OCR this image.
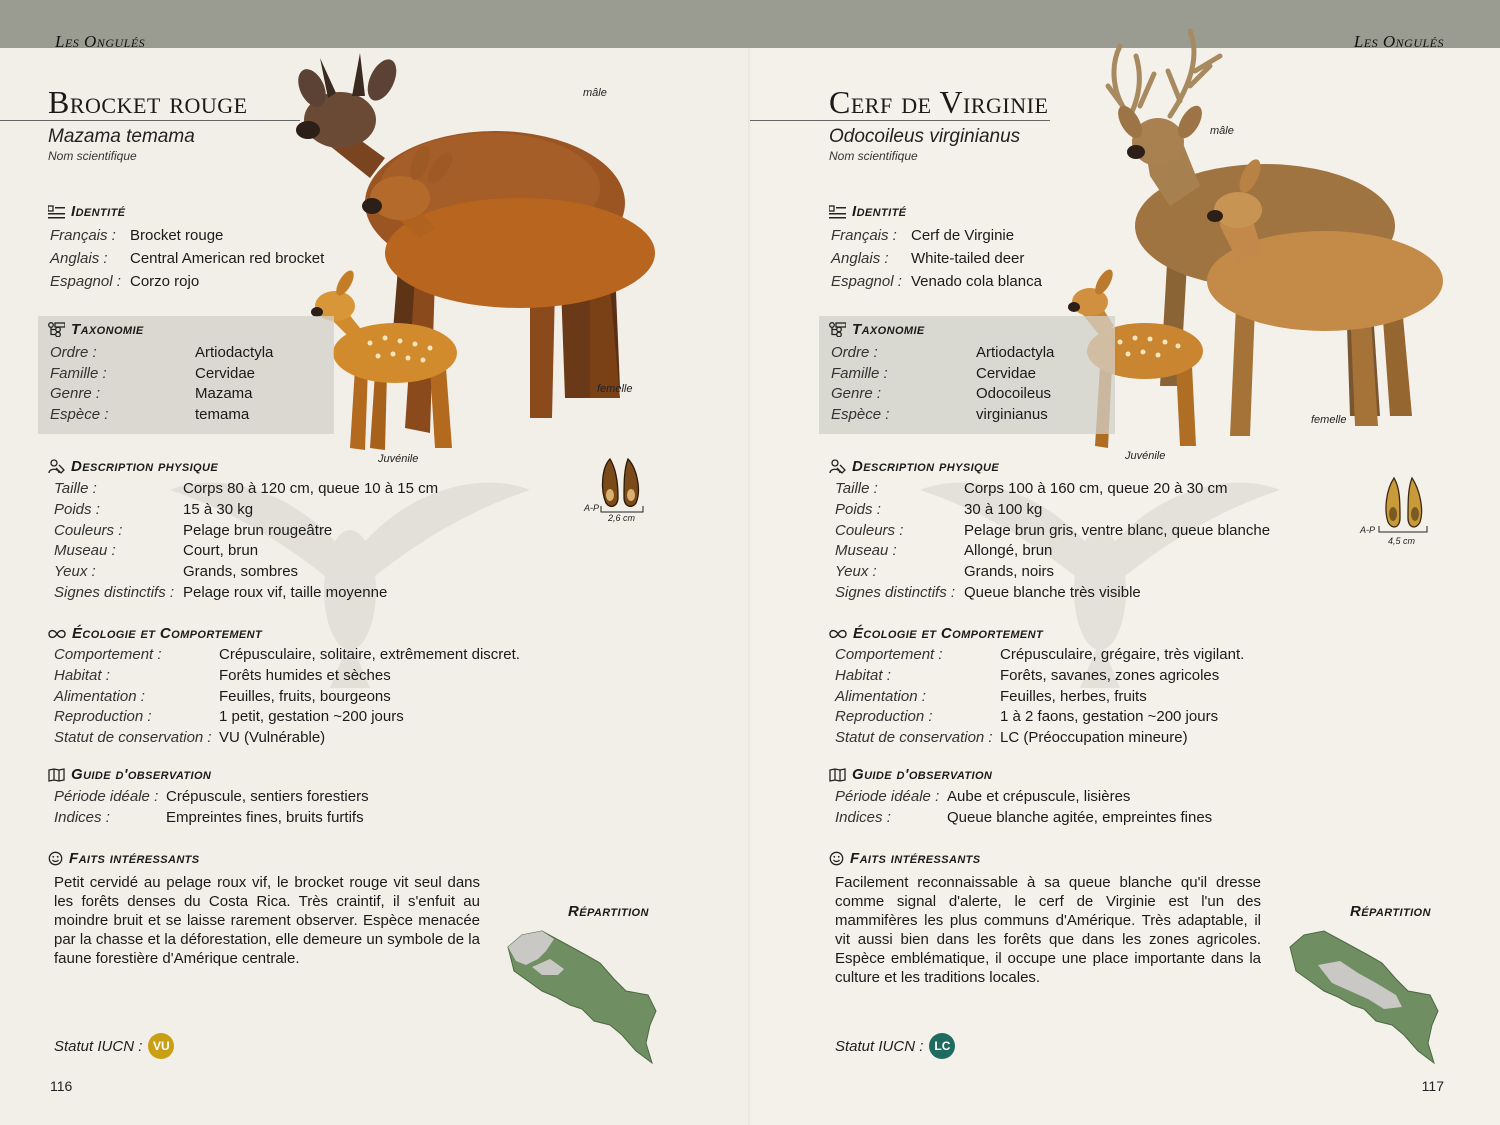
Les Ongulés
Brocket rouge
Mazama temama
Nom scientifique
mâle
femelle
Juvénile
Identité
Français : Brocket rouge
Anglais :	Central American red brocket
Espagnol : Corzo rojo
Taxonomie
Ordre :	Artiodactyla
Famille :	Cervidae
Genre :	Mazama
Espèce :	temama
Description physique
Taille :	Corps 80 à 120 cm, queue 10 à 15 cm
Poids :	15 à 30 kg
Couleurs :	Pelage brun rougeâtre
Museau :	Court, brun
Yeux :	Grands, sombres
Signes distinctifs : Pelage roux vif, taille moyenne
A-P
2,6 cm
Écologie et Comportement
Comportement :	Crépusculaire, solitaire, extrêmement discret.
Habitat :	Forêts humides et sèches
Alimentation :	Feuilles, fruits, bourgeons
Reproduction :	1 petit, gestation ~200 jours
Statut de conservation : VU (Vulnérable)
Guide d'observation
Période idéale : Crépuscule, sentiers forestiers
Indices :	Empreintes fines, bruits furtifs
Faits intéressants
Petit cervidé au pelage roux vif, le brocket rouge vit seul dans les forêts denses du Costa Rica. Très craintif, il s'enfuit au moindre bruit et se laisse rarement observer. Espèce menacée par la chasse et la déforestation, elle demeure un symbole de la faune forestière d'Amérique centrale.
Répartition
Statut IUCN : VU
116
Les Ongulés
Cerf de Virginie
Odocoileus virginianus
Nom scientifique
mâle
femelle
Juvénile
Identité
Français : Cerf de Virginie
Anglais :	White-tailed deer
Espagnol : Venado cola blanca
Taxonomie
Ordre :	Artiodactyla
Famille :	Cervidae
Genre :	Odocoileus
Espèce :	virginianus
Description physique
Taille :	Corps 100 à 160 cm, queue 20 à 30 cm
Poids :	30 à 100 kg
Couleurs :	Pelage brun gris, ventre blanc, queue blanche
Museau :	Allongé, brun
Yeux :	Grands, noirs
Signes distinctifs : Queue blanche très visible
A-P
4,5 cm
Écologie et Comportement
Comportement :	Crépusculaire, grégaire, très vigilant.
Habitat :	Forêts, savanes, zones agricoles
Alimentation :	Feuilles, herbes, fruits
Reproduction :	1 à 2 faons, gestation ~200 jours
Statut de conservation : LC (Préoccupation mineure)
Guide d'observation
Période idéale : Aube et crépuscule, lisières
Indices :	Queue blanche agitée, empreintes fines
Faits intéressants
Facilement reconnaissable à sa queue blanche qu'il dresse comme signal d'alerte, le cerf de Virginie est l'un des mammifères les plus communs d'Amérique. Très adaptable, il vit aussi bien dans les forêts que dans les zones agricoles. Espèce emblématique, il occupe une place importante dans la culture et les traditions locales.
Répartition
Statut IUCN : LC
117
